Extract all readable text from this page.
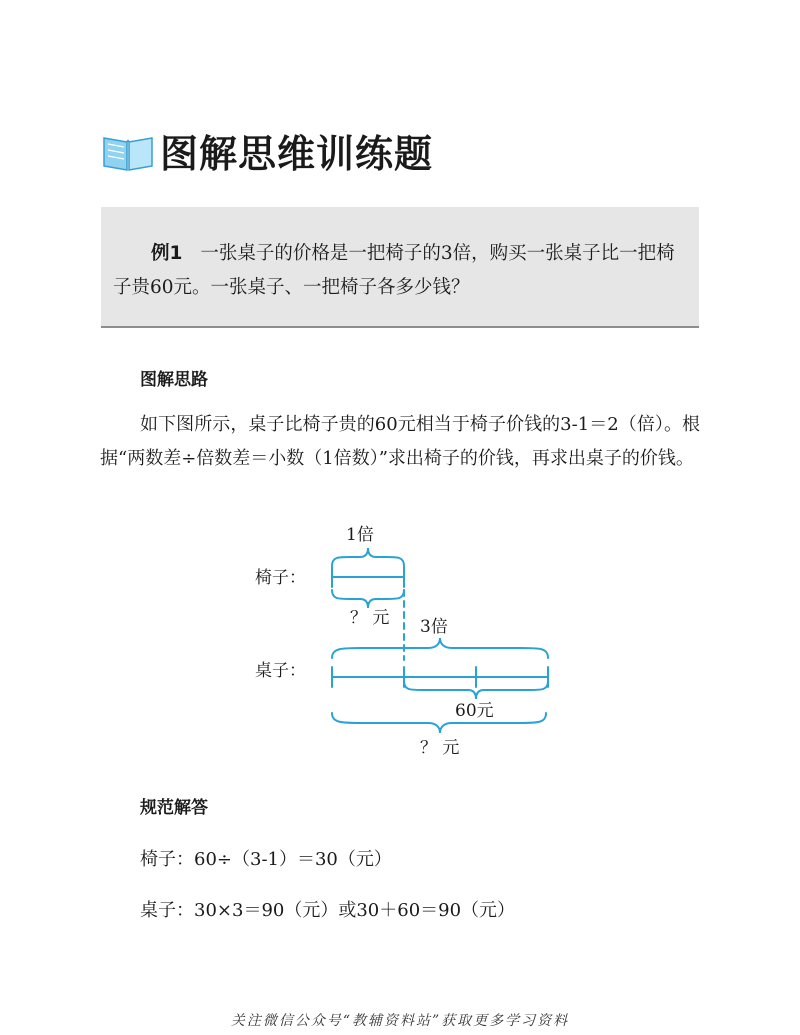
图解思维训练题
例1 一张桌子的价格是一把椅子的3倍，购买一张桌子比一把椅子贵60元。一张桌子、一把椅子各多少钱？
图解思路
如下图所示，桌子比椅子贵的60元相当于椅子价钱的3-1＝2（倍）。根据“两数差÷倍数差＝小数（1倍数）”求出椅子的价钱，再求出桌子的价钱。
1倍
椅子：
？ 元 3倍
桌子：
60元
？ 元
规范解答
椅子：60÷（3-1）＝30（元）
桌子：30×3＝90（元）或30＋60＝90（元）
关注微信公众号“教辅资料站”获取更多学习资料
